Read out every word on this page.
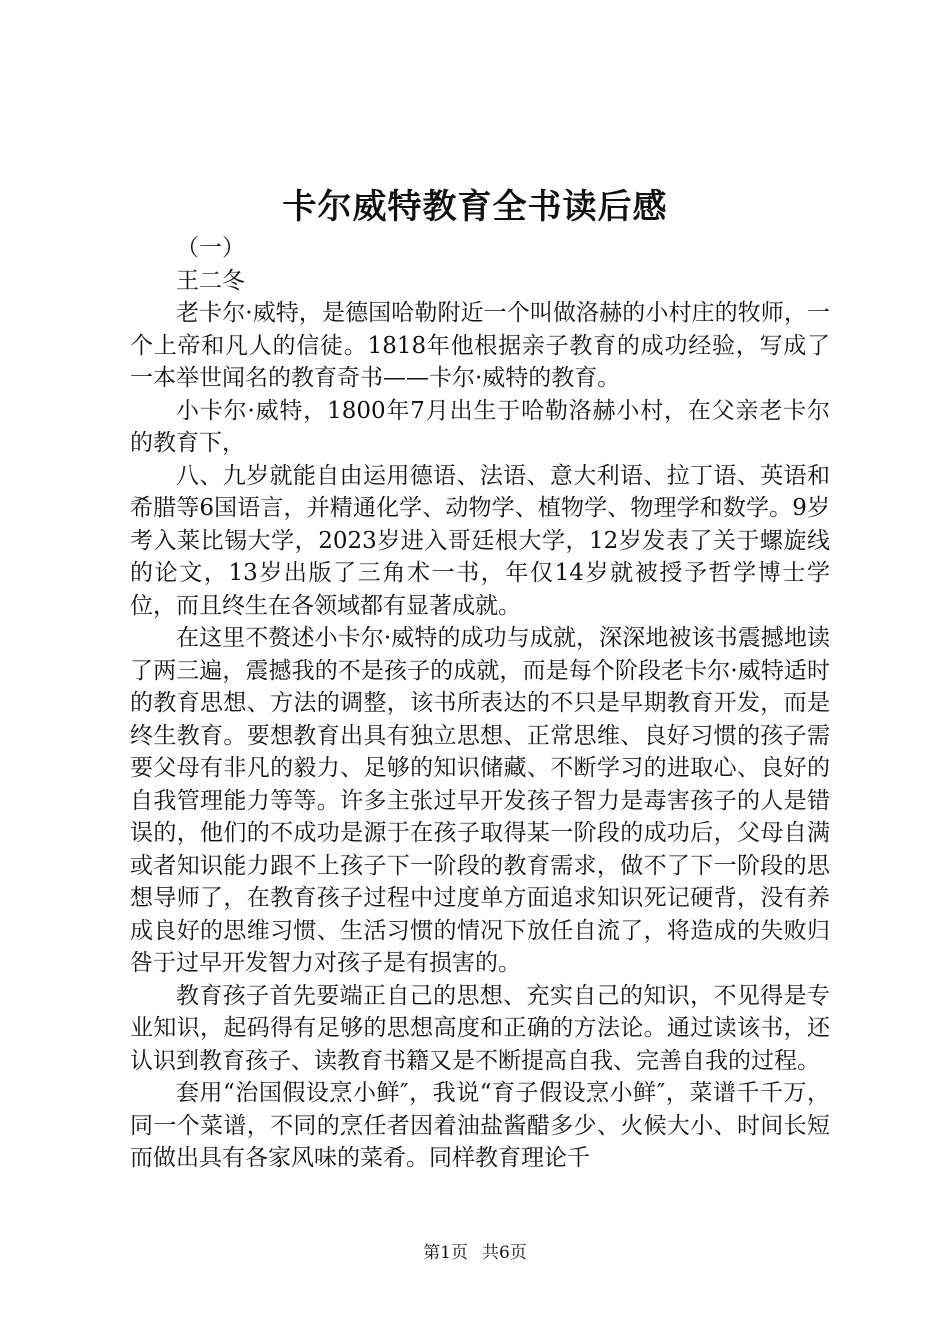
卡尔威特教育全书读后感

（一）

王二冬

老卡尔·威特，是德国哈勒附近一个叫做洛赫的小村庄的牧师，一个上帝和凡人的信徒。1818年他根据亲子教育的成功经验，写成了一本举世闻名的教育奇书——卡尔·威特的教育。

小卡尔·威特，1800年7月出生于哈勒洛赫小村，在父亲老卡尔的教育下，

八、九岁就能自由运用德语、法语、意大利语、拉丁语、英语和希腊等6国语言，并精通化学、动物学、植物学、物理学和数学。9岁考入莱比锡大学，2023岁进入哥廷根大学，12岁发表了关于螺旋线的论文，13岁出版了三角术一书，年仅14岁就被授予哲学博士学位，而且终生在各领域都有显著成就。

在这里不赘述小卡尔·威特的成功与成就，深深地被该书震撼地读了两三遍，震撼我的不是孩子的成就，而是每个阶段老卡尔·威特适时的教育思想、方法的调整，该书所表达的不只是早期教育开发，而是终生教育。要想教育出具有独立思想、正常思维、良好习惯的孩子需要父母有非凡的毅力、足够的知识储藏、不断学习的进取心、良好的自我管理能力等等。许多主张过早开发孩子智力是毒害孩子的人是错误的，他们的不成功是源于在孩子取得某一阶段的成功后，父母自满或者知识能力跟不上孩子下一阶段的教育需求，做不了下一阶段的思想导师了，在教育孩子过程中过度单方面追求知识死记硬背，没有养成良好的思维习惯、生活习惯的情况下放任自流了，将造成的失败归咎于过早开发智力对孩子是有损害的。

教育孩子首先要端正自己的思想、充实自己的知识，不见得是专业知识，起码得有足够的思想高度和正确的方法论。通过读该书，还认识到教育孩子、读教育书籍又是不断提高自我、完善自我的过程。

套用“治国假设烹小鲜″，我说“育子假设烹小鲜″，菜谱千千万，同一个菜谱，不同的烹任者因着油盐酱醋多少、火候大小、时间长短而做出具有各家风味的菜肴。同样教育理论千

第1页 共6页
